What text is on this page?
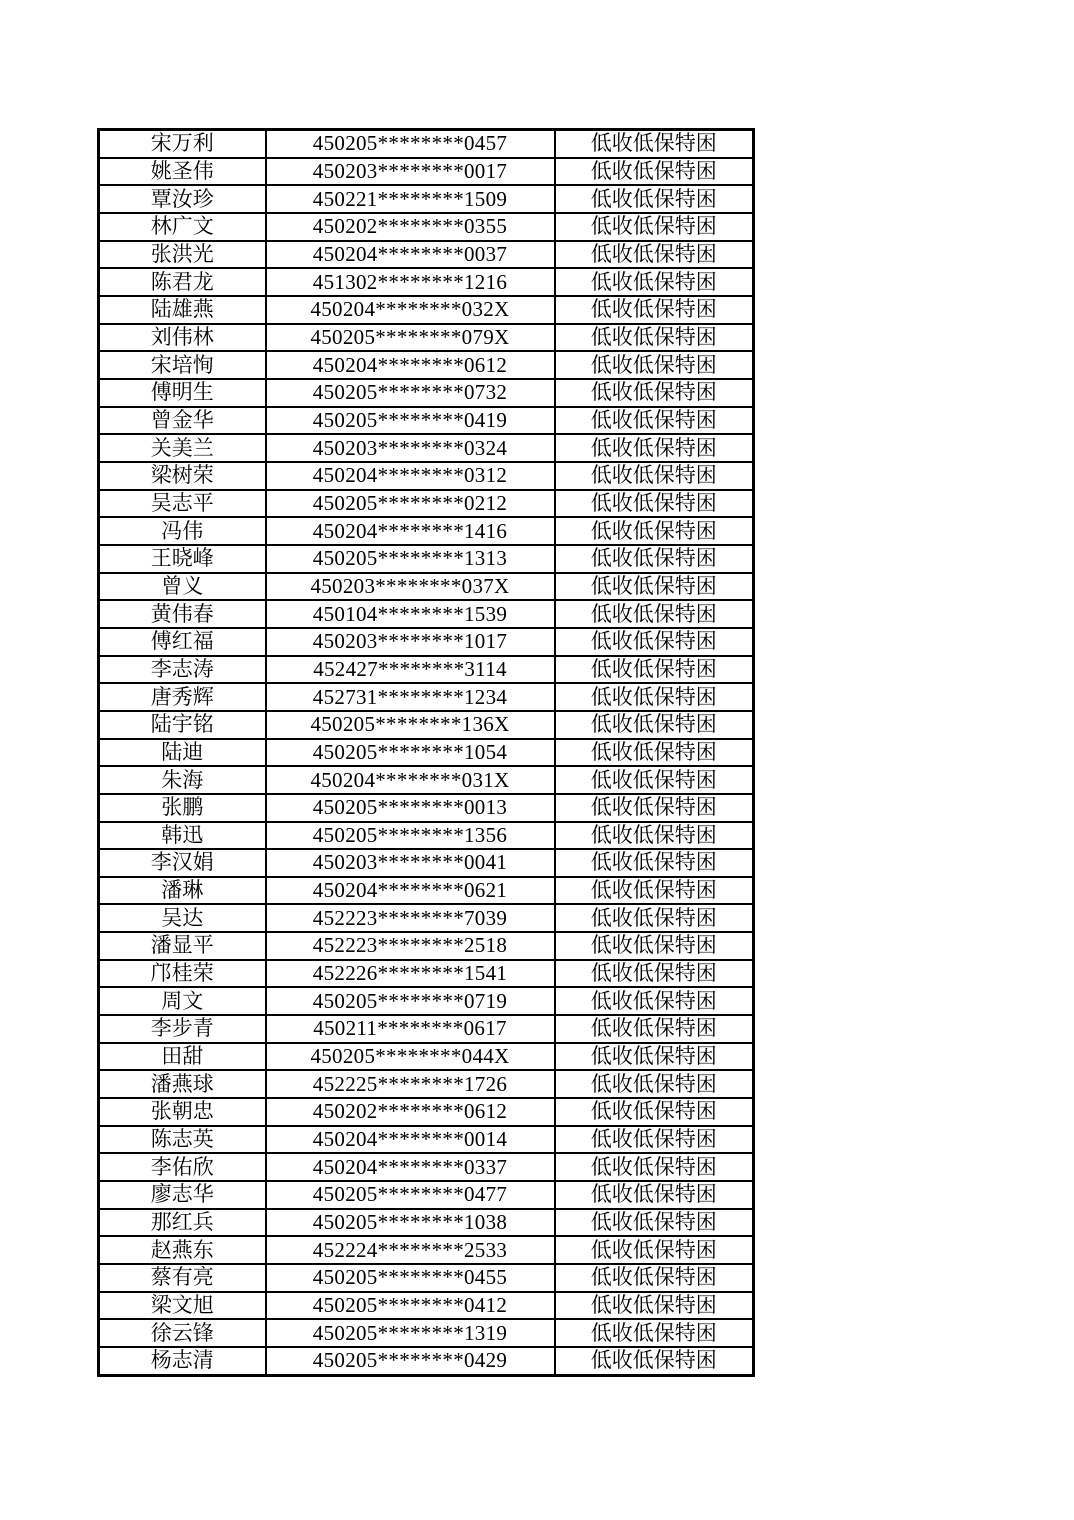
宋万利	450205********0457	低收低保特困
姚圣伟	450203********0017	低收低保特困
覃汝珍	450221********1509	低收低保特困
林广文	450202********0355	低收低保特困
张洪光	450204********0037	低收低保特困
陈君龙	451302********1216	低收低保特困
陆雄燕	450204********032X	低收低保特困
刘伟林	450205********079X	低收低保特困
宋培恂	450204********0612	低收低保特困
傅明生	450205********0732	低收低保特困
曾金华	450205********0419	低收低保特困
关美兰	450203********0324	低收低保特困
梁树荣	450204********0312	低收低保特困
吴志平	450205********0212	低收低保特困
冯伟	450204********1416	低收低保特困
王晓峰	450205********1313	低收低保特困
曾义	450203********037X	低收低保特困
黄伟春	450104********1539	低收低保特困
傅红福	450203********1017	低收低保特困
李志涛	452427********3114	低收低保特困
唐秀辉	452731********1234	低收低保特困
陆宇铭	450205********136X	低收低保特困
陆迪	450205********1054	低收低保特困
朱海	450204********031X	低收低保特困
张鹏	450205********0013	低收低保特困
韩迅	450205********1356	低收低保特困
李汉娟	450203********0041	低收低保特困
潘琳	450204********0621	低收低保特困
吴达	452223********7039	低收低保特困
潘显平	452223********2518	低收低保特困
邝桂荣	452226********1541	低收低保特困
周文	450205********0719	低收低保特困
李步青	450211********0617	低收低保特困
田甜	450205********044X	低收低保特困
潘燕球	452225********1726	低收低保特困
张朝忠	450202********0612	低收低保特困
陈志英	450204********0014	低收低保特困
李佑欣	450204********0337	低收低保特困
廖志华	450205********0477	低收低保特困
那红兵	450205********1038	低收低保特困
赵燕东	452224********2533	低收低保特困
蔡有亮	450205********0455	低收低保特困
梁文旭	450205********0412	低收低保特困
徐云锋	450205********1319	低收低保特困
杨志清	450205********0429	低收低保特困
